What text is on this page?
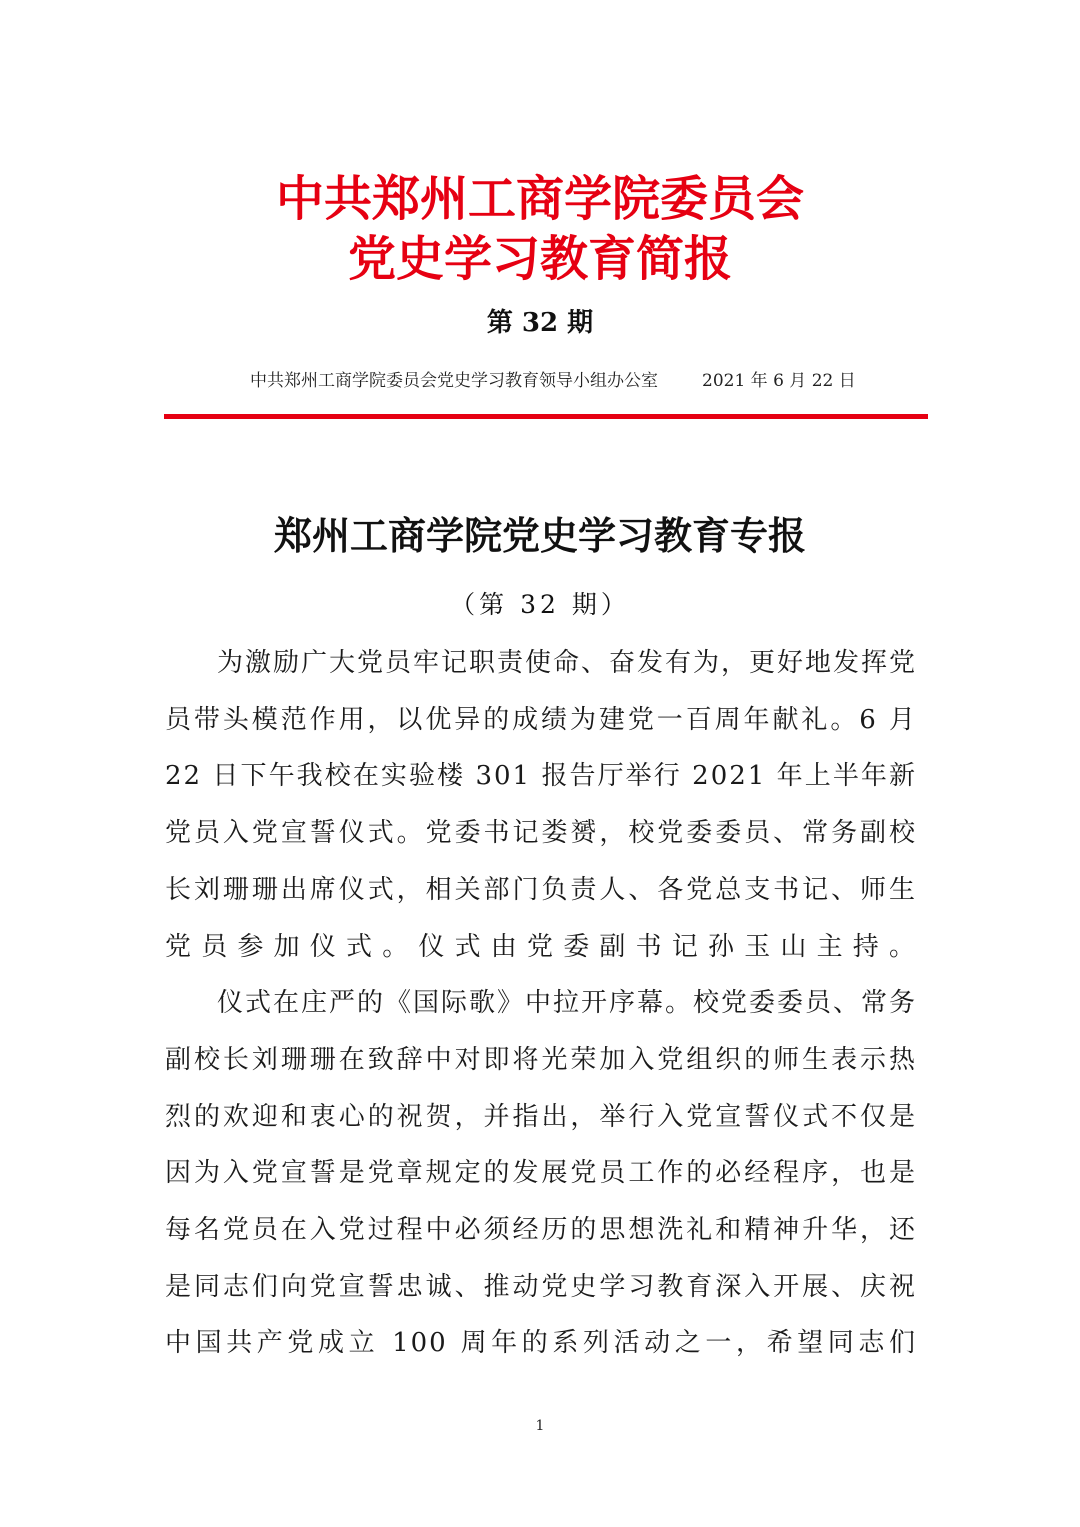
中共郑州工商学院委员会
党史学习教育简报
第 32 期
中共郑州工商学院委员会党史学习教育领导小组办公室	2021 年 6 月 22 日
郑州工商学院党史学习教育专报
（第 32 期）

为激励广大党员牢记职责使命、奋发有为，更好地发挥党员带头模范作用，以优异的成绩为建党一百周年献礼。6 月 22 日下午我校在实验楼 301 报告厅举行 2021 年上半年新党员入党宣誓仪式。党委书记娄赟，校党委委员、常务副校长刘珊珊出席仪式，相关部门负责人、各党总支书记、师生党员参加仪式。仪式由党委副书记孙玉山主持。

仪式在庄严的《国际歌》中拉开序幕。校党委委员、常务副校长刘珊珊在致辞中对即将光荣加入党组织的师生表示热烈的欢迎和衷心的祝贺，并指出，举行入党宣誓仪式不仅是因为入党宣誓是党章规定的发展党员工作的必经程序，也是每名党员在入党过程中必须经历的思想洗礼和精神升华，还是同志们向党宣誓忠诚、推动党史学习教育深入开展、庆祝中国共产党成立 100 周年的系列活动之一，希望同志们

1
